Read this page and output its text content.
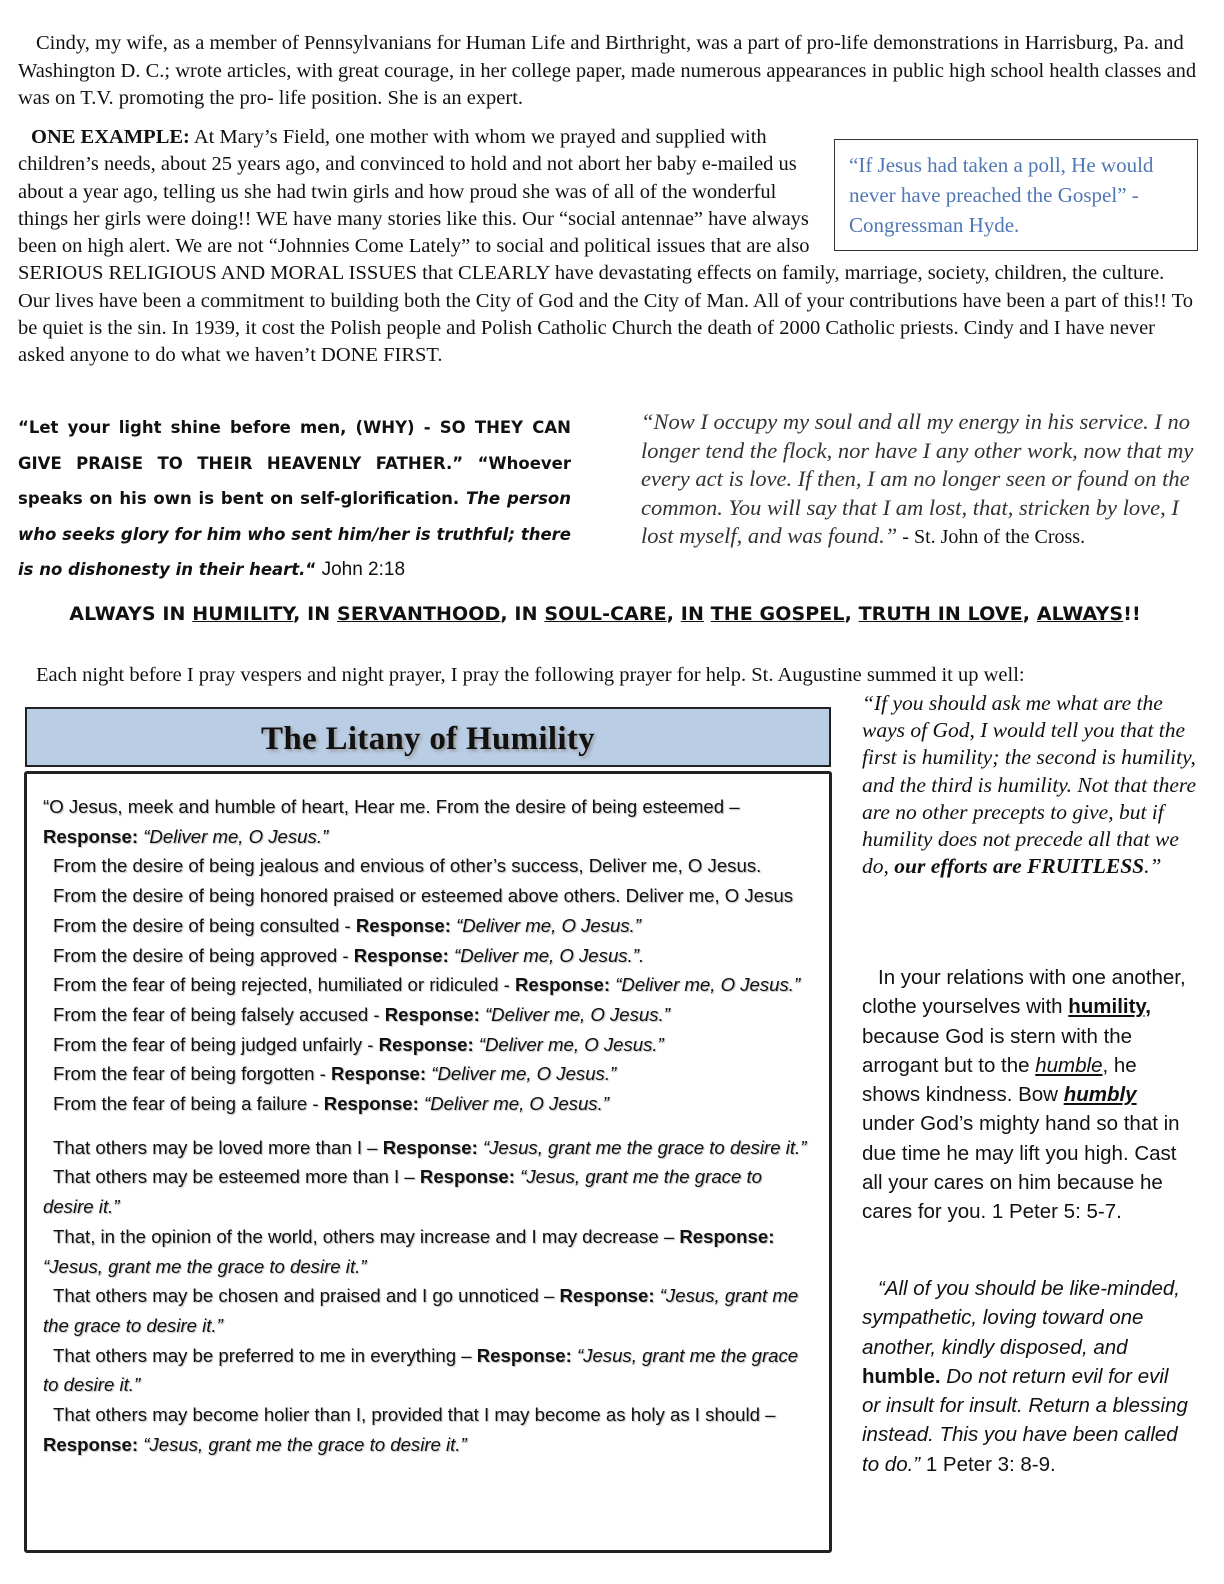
Cindy, my wife, as a member of Pennsylvanians for Human Life and Birthright, was a part of pro-life demonstrations in Harrisburg, Pa. and Washington D. C.; wrote articles, with great courage, in her college paper, made numerous appearances in public high school health classes and was on T.V. promoting the pro- life position. She is an expert.
“If Jesus had taken a poll, He would never have preached the Gospel” - Congressman Hyde.
ONE EXAMPLE: At Mary’s Field, one mother with whom we prayed and supplied with children’s needs, about 25 years ago, and convinced to hold and not abort her baby e-mailed us about a year ago, telling us she had twin girls and how proud she was of all of the wonderful things her girls were doing!! WE have many stories like this. Our “social antennae” have always been on high alert. We are not “Johnnies Come Lately” to social and political issues that are also SERIOUS RELIGIOUS AND MORAL ISSUES that CLEARLY have devastating effects on family, marriage, society, children, the culture. Our lives have been a commitment to building both the City of God and the City of Man. All of your contributions have been a part of this!! To be quiet is the sin. In 1939, it cost the Polish people and Polish Catholic Church the death of 2000 Catholic priests. Cindy and I have never asked anyone to do what we haven’t DONE FIRST.
“Let your light shine before men, (WHY) - SO THEY CAN GIVE PRAISE TO THEIR HEAVENLY FATHER.” “Whoever speaks on his own is bent on self-glorification. The person who seeks glory for him who sent him/her is truthful; there is no dishonesty in their heart.“ John 2:18
“Now I occupy my soul and all my energy in his service. I no longer tend the flock, nor have I any other work, now that my every act is love. If then, I am no longer seen or found on the common. You will say that I am lost, that, stricken by love, I lost myself, and was found.” - St. John of the Cross.
ALWAYS IN HUMILITY, IN SERVANTHOOD, IN SOUL-CARE, IN THE GOSPEL, TRUTH IN LOVE, ALWAYS!!
Each night before I pray vespers and night prayer, I pray the following prayer for help. St. Augustine summed it up well:
The Litany of Humility

“O Jesus, meek and humble of heart, Hear me. From the desire of being esteemed – Response: “Deliver me, O Jesus.”

From the desire of being jealous and envious of other’s success, Deliver me, O Jesus.

From the desire of being honored praised or esteemed above others. Deliver me, O Jesus

From the desire of being consulted - Response: “Deliver me, O Jesus.”

From the desire of being approved - Response: “Deliver me, O Jesus.”.

From the fear of being rejected, humiliated or ridiculed - Response: “Deliver me, O Jesus.”

From the fear of being falsely accused - Response: “Deliver me, O Jesus.”

From the fear of being judged unfairly - Response: “Deliver me, O Jesus.”

From the fear of being forgotten - Response: “Deliver me, O Jesus.”

From the fear of being a failure - Response: “Deliver me, O Jesus.”

That others may be loved more than I – Response: “Jesus, grant me the grace to desire it.”

That others may be esteemed more than I – Response: “Jesus, grant me the grace to desire it.”

That, in the opinion of the world, others may increase and I may decrease – Response: “Jesus, grant me the grace to desire it.”

That others may be chosen and praised and I go unnoticed – Response: “Jesus, grant me the grace to desire it.”

That others may be preferred to me in everything – Response: “Jesus, grant me the grace to desire it.”

That others may become holier than I, provided that I may become as holy as I should – Response: “Jesus, grant me the grace to desire it.”

“If you should ask me what are the ways of God, I would tell you that the first is humility; the second is humility, and the third is humility. Not that there are no other precepts to give, but if humility does not precede all that we do, our efforts are FRUITLESS.”
In your relations with one another, clothe yourselves with humility, because God is stern with the arrogant but to the humble, he shows kindness. Bow humbly under God’s mighty hand so that in due time he may lift you high. Cast all your cares on him because he cares for you. 1 Peter 5: 5-7.
“All of you should be like-minded, sympathetic, loving toward one another, kindly disposed, and humble. Do not return evil for evil or insult for insult. Return a blessing instead. This you have been called to do.” 1 Peter 3: 8-9.
